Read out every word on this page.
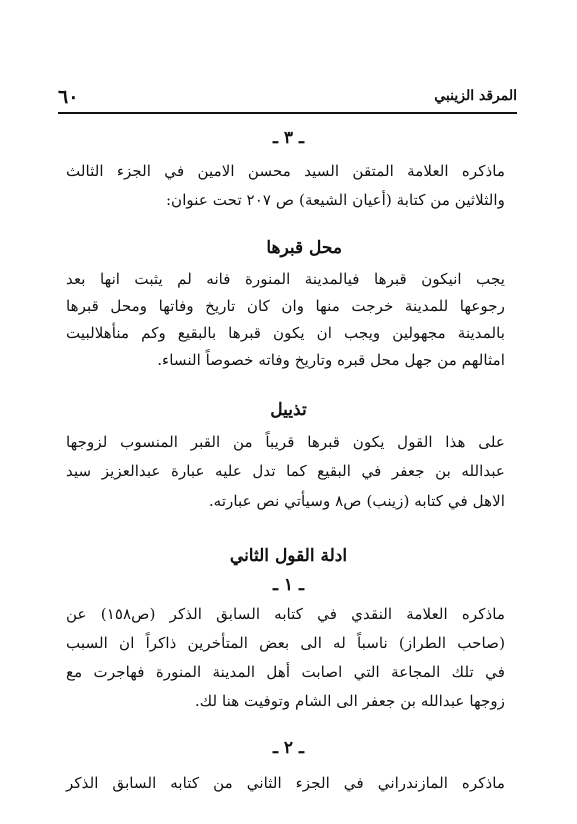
٦٠	المرقد الزينبي
ـ ٣ ـ
ماذكره العلامة المتقن السيد محسن الامين في الجزء الثالث
والثلاثين من كتابة (أعيان الشيعة) ص ٢٠٧ تحت عنوان:
محل قبرها
يجب انيكون قبرها فيالمدينة المنورة فانه لم يثبت انها بعد
رجوعها للمدينة خرجت منها وان كان تاريخ وفاتها ومحل قبرها
بالمدينة مجهولين ويجب ان يكون قبرها بالبقيع وكم منأهلالبيت
امثالهم من جهل محل قبره وتاريخ وفاته خصوصاً النساء.
تذييل
على هذا القول يكون قبرها قريباً من القبر المنسوب لزوجها
عبدالله بن جعفر في البقيع كما تدل عليه عبارة عبدالعزيز سيد
الاهل في كتابه (زينب) ص٨ وسيأتي نص عبارته.
ادلة القول الثاني
ـ ١ ـ
ماذكره العلامة النقدي في كتابه السابق الذكر (ص١٥٨) عن
(صاحب الطراز) ناسباً له الى بعض المتأخرين ذاكراً ان السبب
في تلك المجاعة التي اصابت أهل المدينة المنورة فهاجرت مع
زوجها عبدالله بن جعفر الى الشام وتوفيت هنا لك.
ـ ٢ ـ
ماذكره المازندراني في الجزء الثاني من كتابه السابق الذكر
